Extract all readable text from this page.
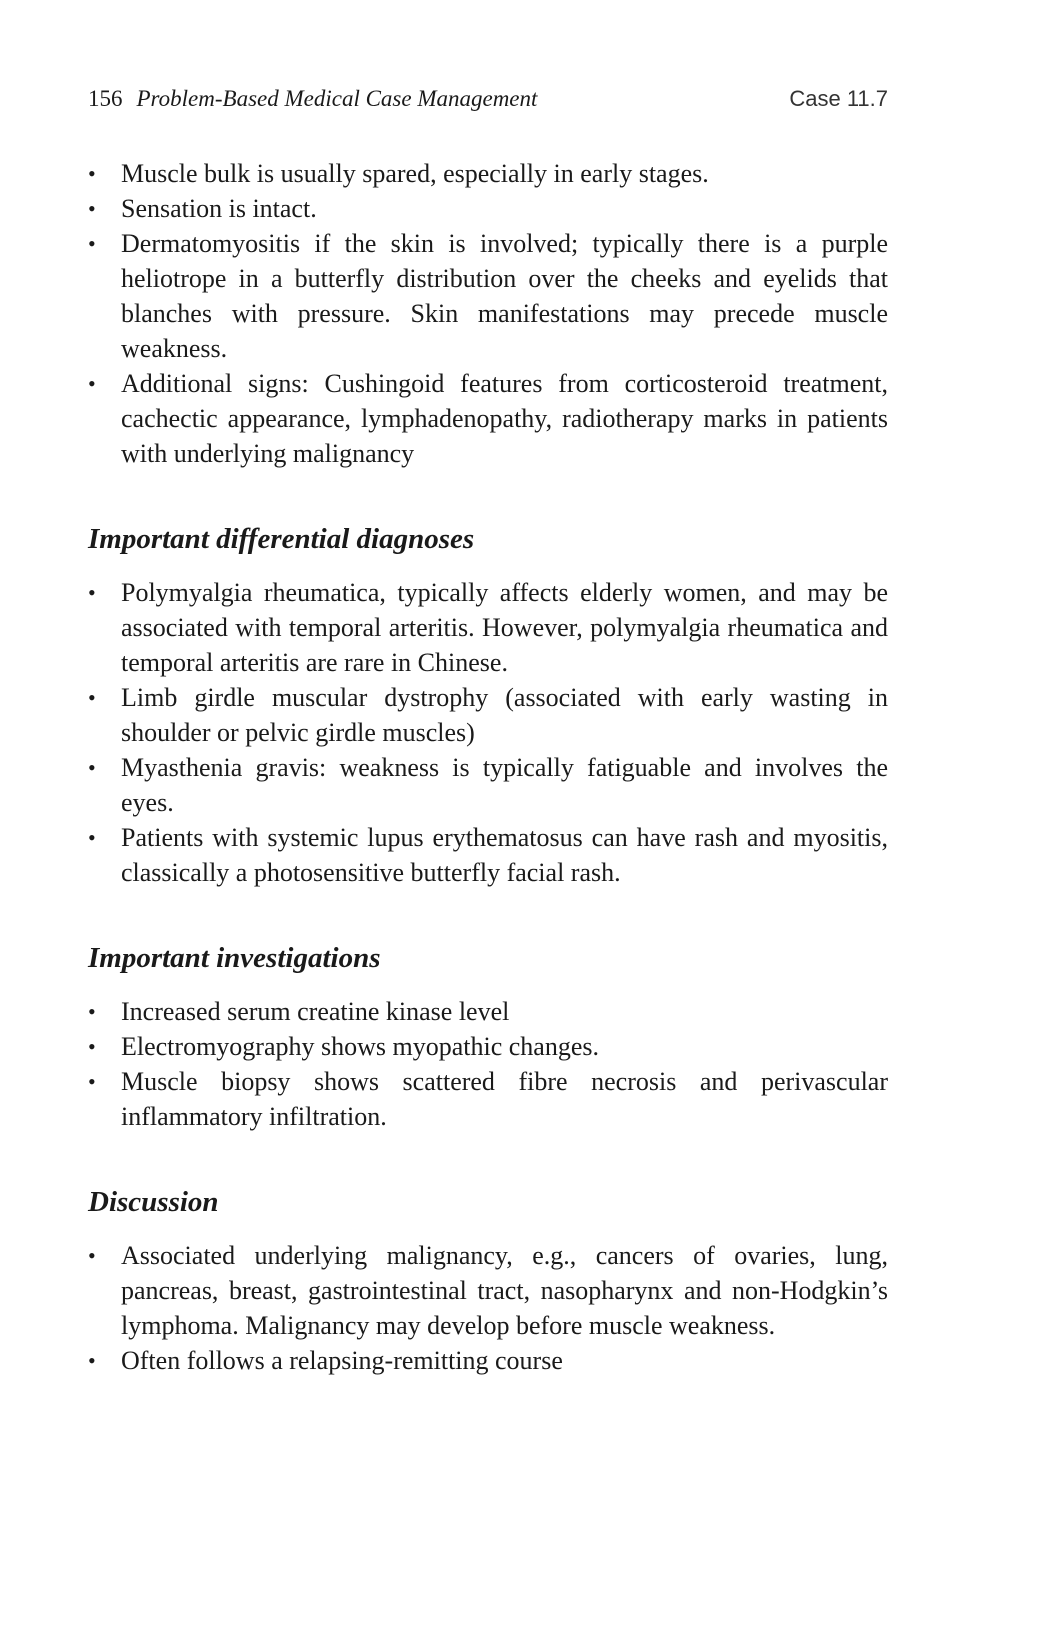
156 Problem-Based Medical Case Management	Case 11.7
• Muscle bulk is usually spared, especially in early stages.
• Sensation is intact.
• Dermatomyositis if the skin is involved; typically there is a purple heliotrope in a butterfly distribution over the cheeks and eyelids that blanches with pressure. Skin manifestations may precede muscle weakness.
• Additional signs: Cushingoid features from corticosteroid treatment, cachectic appearance, lymphadenopathy, radiotherapy marks in patients with underlying malignancy
Important differential diagnoses
• Polymyalgia rheumatica, typically affects elderly women, and may be associated with temporal arteritis. However, polymyalgia rheumatica and temporal arteritis are rare in Chinese.
• Limb girdle muscular dystrophy (associated with early wasting in shoulder or pelvic girdle muscles)
• Myasthenia gravis: weakness is typically fatiguable and involves the eyes.
• Patients with systemic lupus erythematosus can have rash and myositis, classically a photosensitive butterfly facial rash.
Important investigations
• Increased serum creatine kinase level
• Electromyography shows myopathic changes.
• Muscle biopsy shows scattered fibre necrosis and perivascular inflammatory infiltration.
Discussion
• Associated underlying malignancy, e.g., cancers of ovaries, lung, pancreas, breast, gastrointestinal tract, nasopharynx and non-Hodgkin’s lymphoma. Malignancy may develop before muscle weakness.
• Often follows a relapsing-remitting course
